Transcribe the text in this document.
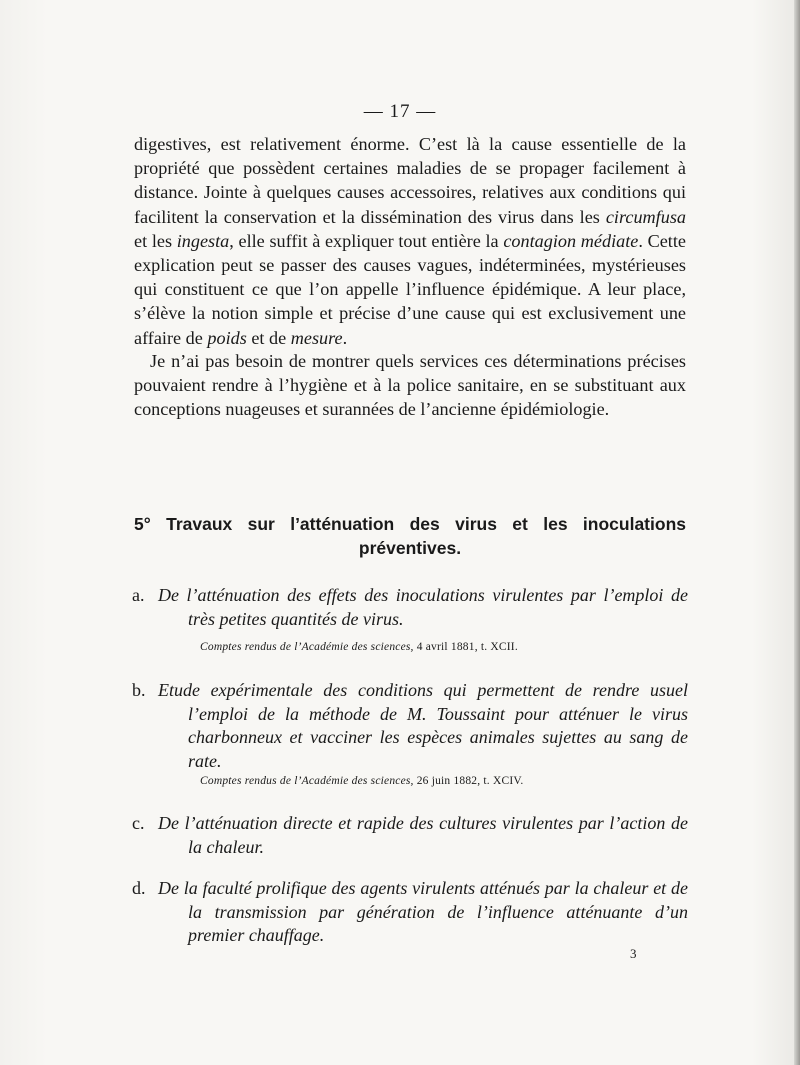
— 17 —

digestives, est relativement énorme. C’est là la cause essentielle de la propriété que possèdent certaines maladies de se propager facilement à distance. Jointe à quelques causes accessoires, relatives aux conditions qui facilitent la conservation et la dissémination des virus dans les circumfusa et les ingesta, elle suffit à expliquer tout entière la contagion médiate. Cette explication peut se passer des causes vagues, indéterminées, mystérieuses qui constituent ce que l’on appelle l’influence épidémique. A leur place, s’élève la notion simple et précise d’une cause qui est exclusivement une affaire de poids et de mesure.

Je n’ai pas besoin de montrer quels services ces déterminations précises pouvaient rendre à l’hygiène et à la police sanitaire, en se substituant aux conceptions nuageuses et surannées de l’ancienne épidémiologie.

5° Travaux sur l’atténuation des virus et les inoculations
préventives.
a. De l’atténuation des effets des inoculations virulentes par l’emploi de très petites quantités de virus.
Comptes rendus de l’Académie des sciences, 4 avril 1881, t. XCII.
b. Etude expérimentale des conditions qui permettent de rendre usuel l’emploi de la méthode de M. Toussaint pour atténuer le virus charbonneux et vacciner les espèces animales sujettes au sang de rate.
Comptes rendus de l’Académie des sciences, 26 juin 1882, t. XCIV.
c. De l’atténuation directe et rapide des cultures virulentes par l’action de la chaleur.
d. De la faculté prolifique des agents virulents atténués par la chaleur et de la transmission par génération de l’influence atténuante d’un premier chauffage.
3
